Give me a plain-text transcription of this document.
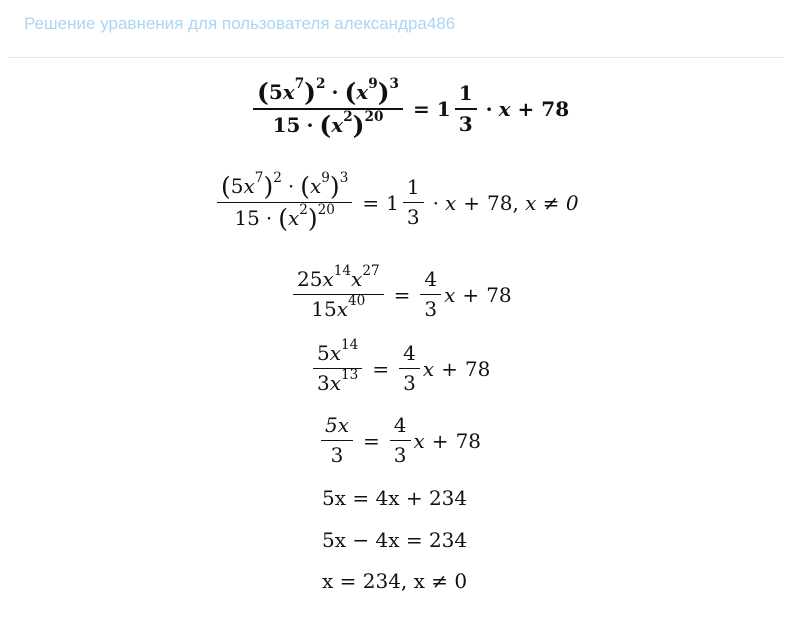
Решение уравнения для пользователя александра486
$\frac{( 5 x 7 ) 2 \cdot ( x 9 ) 3}{15 \cdot ( x 2 ) 20} = 1 \frac{1}{3} \cdot x + 78$
$\frac{( 5 x 7 ) 2 \cdot ( x 9 ) 3}{15 \cdot ( x 2 ) 20} = 1 \frac{1}{3} \cdot x + 78$ , x ≠ 0
$\frac{25 x 14 x 27}{15 x 40} = \frac{4}{3}$ x + 78
$\frac{5 x 14}{3 x 13} = \frac{4}{3}$ x + 78
$\frac{5x}{3} = \frac{4}{3}$ x + 78
5x = 4x + 234
5x − 4x = 234
x = 234, x ≠ 0
